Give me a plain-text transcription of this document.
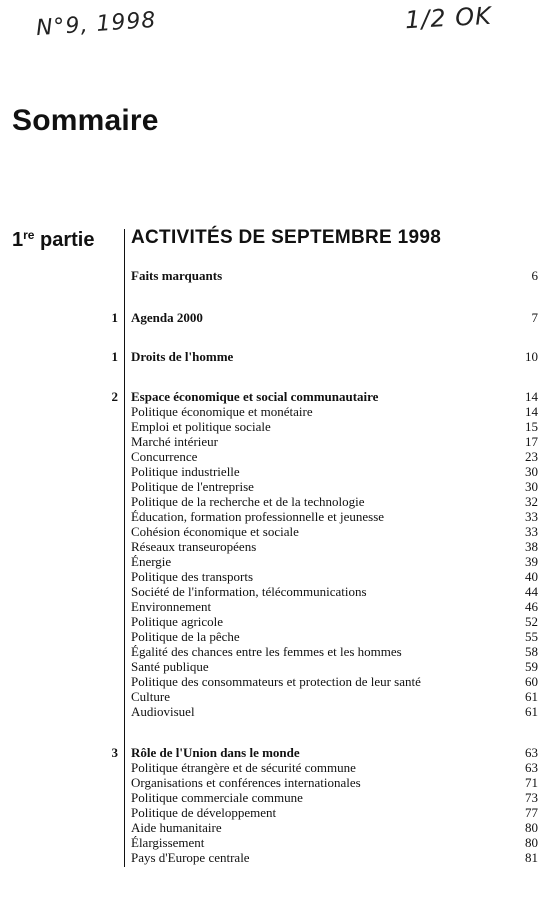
N°9, 1998	1/2 OK
Sommaire
1re partie ACTIVITÉS DE SEPTEMBRE 1998
Faits marquants	6
1 Agenda 2000	7
1 Droits de l'homme	10
2 Espace économique et social communautaire	14
Politique économique et monétaire	14
Emploi et politique sociale	15
Marché intérieur	17
Concurrence	23
Politique industrielle	30
Politique de l'entreprise	30
Politique de la recherche et de la technologie	32
Éducation, formation professionnelle et jeunesse	33
Cohésion économique et sociale	33
Réseaux transeuropéens	38
Énergie	39
Politique des transports	40
Société de l'information, télécommunications	44
Environnement	46
Politique agricole	52
Politique de la pêche	55
Égalité des chances entre les femmes et les hommes	58
Santé publique	59
Politique des consommateurs et protection de leur santé	60
Culture	61
Audiovisuel	61
3 Rôle de l'Union dans le monde	63
Politique étrangère et de sécurité commune	63
Organisations et conférences internationales	71
Politique commerciale commune	73
Politique de développement	77
Aide humanitaire	80
Élargissement	80
Pays d'Europe centrale	81
